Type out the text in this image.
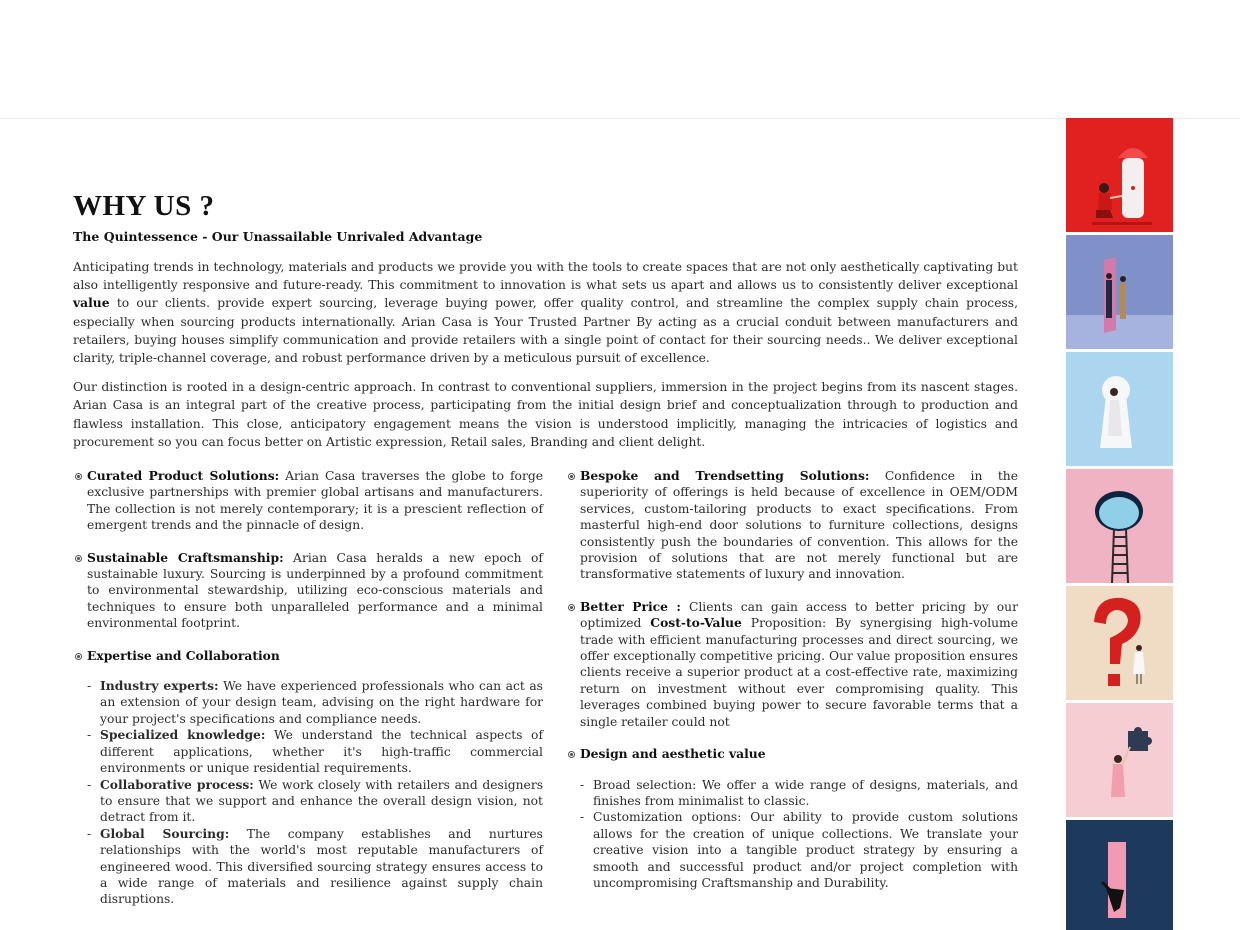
WHY US ?
The Quintessence - Our Unassailable Unrivaled Advantage

Anticipating trends in technology, materials and products we provide you with the tools to create spaces that are not only aesthetically captivating but also intelligently responsive and future-ready. This commitment to innovation is what sets us apart and allows us to consistently deliver exceptional value to our clients. provide expert sourcing, leverage buying power, offer quality control, and streamline the complex supply chain process, especially when sourcing products internationally. Arian Casa is Your Trusted Partner By acting as a crucial conduit between manufacturers and retailers, buying houses simplify communication and provide retailers with a single point of contact for their sourcing needs.. We deliver exceptional clarity, triple-channel coverage, and robust performance driven by a meticulous pursuit of excellence.

Our distinction is rooted in a design-centric approach. In contrast to conventional suppliers, immersion in the project begins from its nascent stages. Arian Casa is an integral part of the creative process, participating from the initial design brief and conceptualization through to production and flawless installation. This close, anticipatory engagement means the vision is understood implicitly, managing the intricacies of logistics and procurement so you can focus better on Artistic expression, Retail sales, Branding and client delight.

Curated Product Solutions: Arian Casa traverses the globe to forge exclusive partnerships with premier global artisans and manufacturers. The collection is not merely contemporary; it is a prescient reflection of emergent trends and the pinnacle of design.
Sustainable Craftsmanship: Arian Casa heralds a new epoch of sustainable luxury. Sourcing is underpinned by a profound commitment to environmental stewardship, utilizing eco-conscious materials and techniques to ensure both unparalleled performance and a minimal environmental footprint.
Expertise and Collaboration
- Industry experts: We have experienced professionals who can act as an extension of your design team, advising on the right hardware for your project's specifications and compliance needs.
- Specialized knowledge: We understand the technical aspects of different applications, whether it's high-traffic commercial environments or unique residential requirements.
- Collaborative process: We work closely with retailers and designers to ensure that we support and enhance the overall design vision, not detract from it.
- Global Sourcing: The company establishes and nurtures relationships with the world's most reputable manufacturers of engineered wood. This diversified sourcing strategy ensures access to a wide range of materials and resilience against supply chain disruptions.
Bespoke and Trendsetting Solutions: Confidence in the superiority of offerings is held because of excellence in OEM/ODM services, custom-tailoring products to exact specifications. From masterful high-end door solutions to furniture collections, designs consistently push the boundaries of convention. This allows for the provision of solutions that are not merely functional but are transformative statements of luxury and innovation.
Better Price : Clients can gain access to better pricing by our optimized Cost-to-Value Proposition: By synergising high-volume trade with efficient manufacturing processes and direct sourcing, we offer exceptionally competitive pricing. Our value proposition ensures clients receive a superior product at a cost-effective rate, maximizing return on investment without ever compromising quality. This leverages combined buying power to secure favorable terms that a single retailer could not
Design and aesthetic value
- Broad selection: We offer a wide range of designs, materials, and finishes from minimalist to classic.
- Customization options: Our ability to provide custom solutions allows for the creation of unique collections. We translate your creative vision into a tangible product strategy by ensuring a smooth and successful product and/or project completion with uncompromising Craftsmanship and Durability.
